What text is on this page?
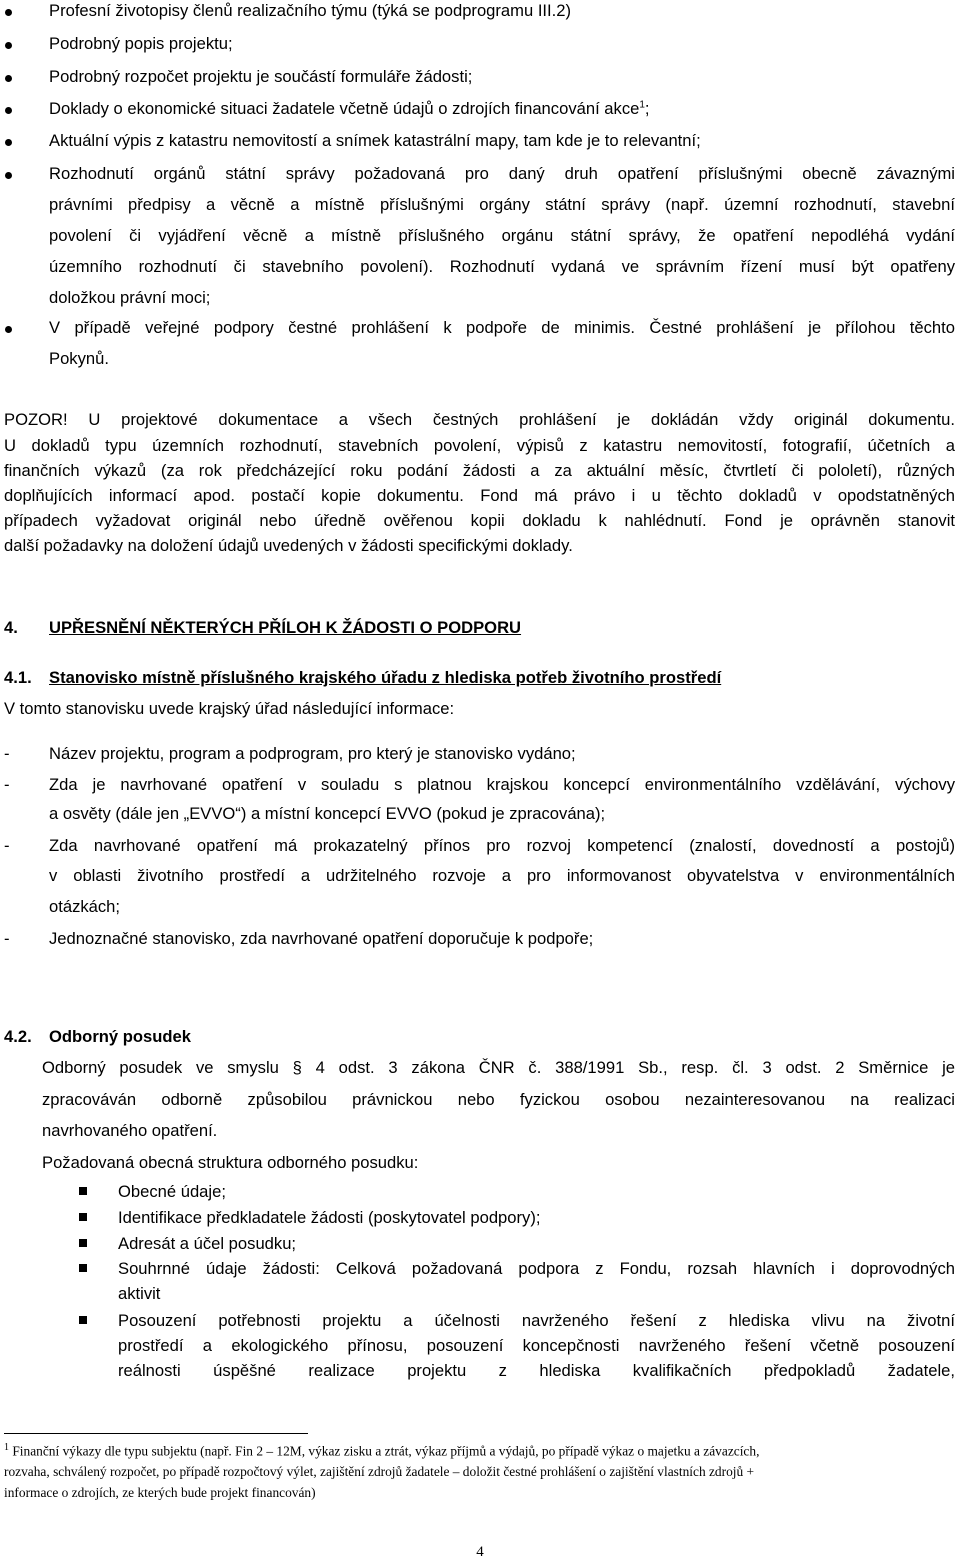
Profesní životopisy členů realizačního týmu (týká se podprogramu III.2)
Podrobný popis projektu;
Podrobný rozpočet projektu je součástí formuláře žádosti;
Doklady o ekonomické situaci žadatele včetně údajů o zdrojích financování akce$^1$;
Aktuální výpis z katastru nemovitostí a snímek katastrální mapy, tam kde je to relevantní;
Rozhodnutí orgánů státní správy požadovaná pro daný druh opatření příslušnými obecně závaznými
právními předpisy a věcně a místně příslušnými orgány státní správy (např. územní rozhodnutí, stavební
povolení či vyjádření věcně a místně příslušného orgánu státní správy, že opatření nepodléhá vydání
územního rozhodnutí či stavebního povolení). Rozhodnutí vydaná ve správním řízení musí být opatřeny
doložkou právní moci;
V případě veřejné podpory čestné prohlášení k podpoře de minimis. Čestné prohlášení je přílohou těchto
Pokynů.
POZOR! U projektové dokumentace a všech čestných prohlášení je dokládán vždy originál dokumentu.
U dokladů typu územních rozhodnutí, stavebních povolení, výpisů z katastru nemovitostí, fotografií, účetních a
finančních výkazů (za rok předcházející roku podání žádosti a za aktuální měsíc, čtvrtletí či pololetí), různých
doplňujících informací apod. postačí kopie dokumentu. Fond má právo i u těchto dokladů v opodstatněných
případech vyžadovat originál nebo úředně ověřenou kopii dokladu k nahlédnutí. Fond je oprávněn stanovit
další požadavky na doložení údajů uvedených v žádosti specifickými doklady.
4. UPŘESNĚNÍ NĚKTERÝCH PŘÍLOH K ŽÁDOSTI O PODPORU
4.1. Stanovisko místně příslušného krajského úřadu z hlediska potřeb životního prostředí
V tomto stanovisku uvede krajský úřad následující informace:
- Název projektu, program a podprogram, pro který je stanovisko vydáno;
- Zda je navrhované opatření v souladu s platnou krajskou koncepcí environmentálního vzdělávání, výchovy
a osvěty (dále jen „EVVO“) a místní koncepcí EVVO (pokud je zpracována);
- Zda navrhované opatření má prokazatelný přínos pro rozvoj kompetencí (znalostí, dovedností a postojů)
v oblasti životního prostředí a udržitelného rozvoje a pro informovanost obyvatelstva v environmentálních
otázkách;
- Jednoznačné stanovisko, zda navrhované opatření doporučuje k podpoře;
4.2. Odborný posudek
Odborný posudek ve smyslu § 4 odst. 3 zákona ČNR č. 388/1991 Sb., resp. čl. 3 odst. 2 Směrnice je
zpracováván odborně způsobilou právnickou nebo fyzickou osobou nezainteresovanou na realizaci
navrhovaného opatření.
Požadovaná obecná struktura odborného posudku:
Obecné údaje;
Identifikace předkladatele žádosti (poskytovatel podpory);
Adresát a účel posudku;
Souhrnné údaje žádosti: Celková požadovaná podpora z Fondu, rozsah hlavních i doprovodných
aktivit
Posouzení potřebnosti projektu a účelnosti navrženého řešení z hlediska vlivu na životní
prostředí a ekologického přínosu, posouzení koncepčnosti navrženého řešení včetně posouzení
reálnosti úspěšné realizace projektu z hlediska kvalifikačních předpokladů žadatele,
$^1$ Finanční výkazy dle typu subjektu (např. Fin 2 – 12M, výkaz zisku a ztrát, výkaz příjmů a výdajů, po případě výkaz o majetku a závazcích,
rozvaha, schválený rozpočet, po případě rozpočtový výlet, zajištění zdrojů žadatele – doložit čestné prohlášení o zajištění vlastních zdrojů +
informace o zdrojích, ze kterých bude projekt financován)
4
